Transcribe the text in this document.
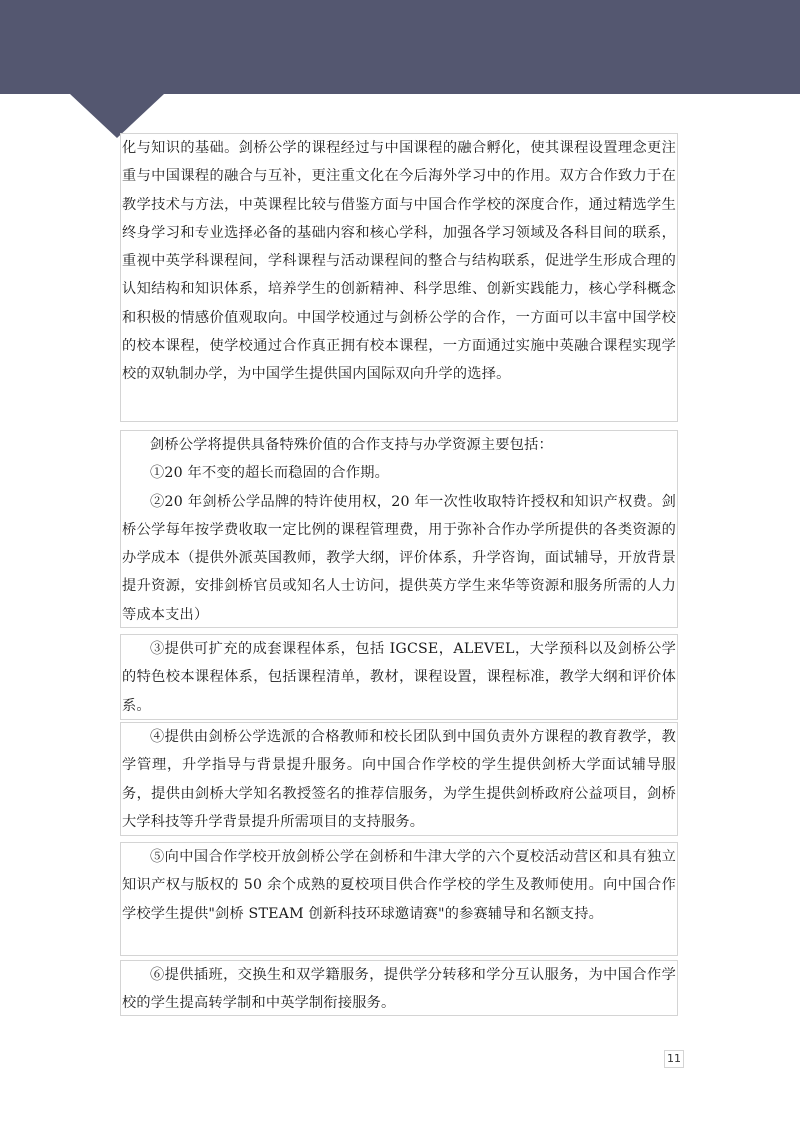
化与知识的基础。剑桥公学的课程经过与中国课程的融合孵化，使其课程设置理念更注重与中国课程的融合与互补，更注重文化在今后海外学习中的作用。双方合作致力于在教学技术与方法，中英课程比较与借鉴方面与中国合作学校的深度合作，通过精选学生终身学习和专业选择必备的基础内容和核心学科，加强各学习领域及各科目间的联系，重视中英学科课程间，学科课程与活动课程间的整合与结构联系，促进学生形成合理的认知结构和知识体系，培养学生的创新精神、科学思维、创新实践能力，核心学科概念和积极的情感价值观取向。中国学校通过与剑桥公学的合作，一方面可以丰富中国学校的校本课程，使学校通过合作真正拥有校本课程，一方面通过实施中英融合课程实现学校的双轨制办学，为中国学生提供国内国际双向升学的选择。

剑桥公学将提供具备特殊价值的合作支持与办学资源主要包括：

①20 年不变的超长而稳固的合作期。

②20 年剑桥公学品牌的特许使用权，20 年一次性收取特许授权和知识产权费。剑桥公学每年按学费收取一定比例的课程管理费，用于弥补合作办学所提供的各类资源的办学成本（提供外派英国教师，教学大纲，评价体系，升学咨询，面试辅导，开放背景提升资源，安排剑桥官员或知名人士访问，提供英方学生来华等资源和服务所需的人力等成本支出）

③提供可扩充的成套课程体系，包括 IGCSE，ALEVEL，大学预科以及剑桥公学的特色校本课程体系，包括课程清单，教材，课程设置，课程标准，教学大纲和评价体系。

④提供由剑桥公学选派的合格教师和校长团队到中国负责外方课程的教育教学，教学管理，升学指导与背景提升服务。向中国合作学校的学生提供剑桥大学面试辅导服务，提供由剑桥大学知名教授签名的推荐信服务，为学生提供剑桥政府公益项目，剑桥大学科技等升学背景提升所需项目的支持服务。

⑤向中国合作学校开放剑桥公学在剑桥和牛津大学的六个夏校活动营区和具有独立知识产权与版权的 50 余个成熟的夏校项目供合作学校的学生及教师使用。向中国合作学校学生提供"剑桥 STEAM 创新科技环球邀请赛"的参赛辅导和名额支持。

⑥提供插班，交换生和双学籍服务，提供学分转移和学分互认服务，为中国合作学校的学生提高转学制和中英学制衔接服务。

11
